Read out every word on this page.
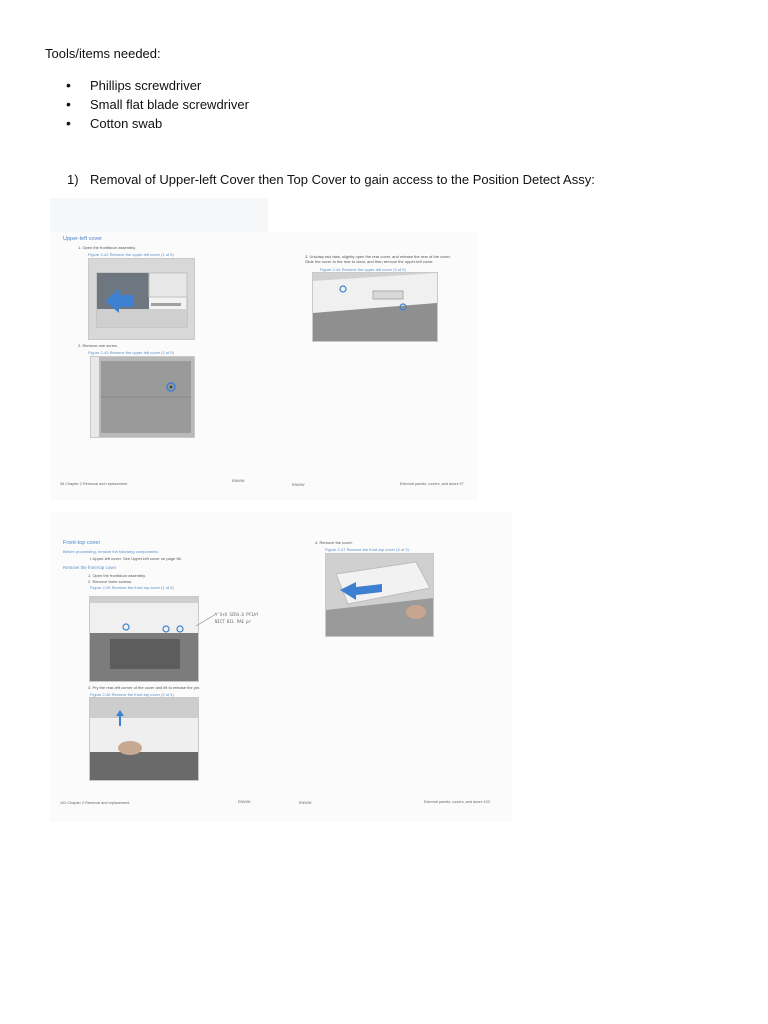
Tools/items needed:
• Phillips screwdriver
• Small flat blade screwdriver
• Cotton swab
1) Removal of Upper-left Cover then Top Cover to gain access to the Position Detect Assy:
Upper-left cover
1. Open the fronttdoor assembly.
Figure 2-42 Remove the upper-left cover (1 of 5)
2. Remove one screw.
Figure 2-43 Remove the upper-left cover (2 of 5)
96 Chapter 2 Removal and replacement
ENWW
3. Unclasp two tabs, slightly open the rear cover, and release the rear of the cover. Slide the cover to the rear to clear, and then remove the upper-left cover.
Figure 2-44 Remove the upper-left cover (3 of 5)
ENWW	External panels, covers, and doors 97
Front-top cover
Before proceeding, remove the following components:
• Upper-left cover. See Upper-left cover on page 96.
Remove the front-top cover
1. Open the fronttdoor assembly.
2. Remove three screws.
Figure 2-45 Remove the front-top cover (1 of 5)
Y'X+X SCR4.6 PF1AY
NICT BIL PAE pr
3. Pry the rear-left corner of the cover and lift to release the pin.
Figure 2-46 Remove the front-top cover (2 of 4)
102 Chapter 2 Removal and replacement	ENWW
4. Remove the cover.
Figure 2-47 Remove the front-top cover (3 of 3)
ENWW	External panels, covers, and doors 103
